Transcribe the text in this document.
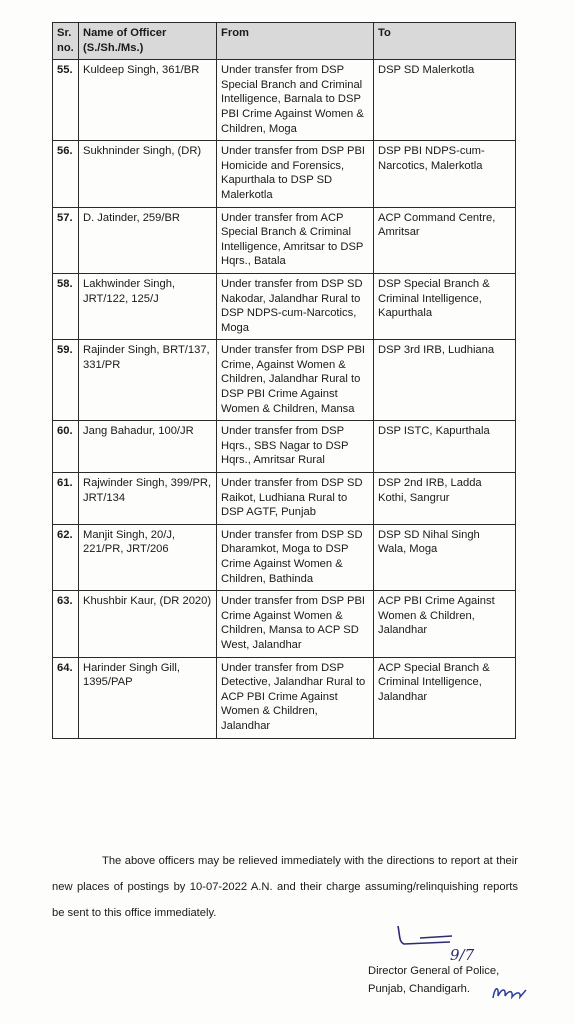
Sr. no.	Name of Officer (S./Sh./Ms.)	From	To
55.	Kuldeep Singh, 361/BR	Under transfer from DSP Special Branch and Criminal Intelligence, Barnala to DSP PBI Crime Against Women & Children, Moga	DSP SD Malerkotla
56.	Sukhninder Singh, (DR)	Under transfer from DSP PBI Homicide and Forensics, Kapurthala to DSP SD Malerkotla	DSP PBI NDPS-cum-Narcotics, Malerkotla
57.	D. Jatinder, 259/BR	Under transfer from ACP Special Branch & Criminal Intelligence, Amritsar to DSP Hqrs., Batala	ACP Command Centre, Amritsar
58.	Lakhwinder Singh, JRT/122, 125/J	Under transfer from DSP SD Nakodar, Jalandhar Rural to DSP NDPS-cum-Narcotics, Moga	DSP Special Branch & Criminal Intelligence, Kapurthala
59.	Rajinder Singh, BRT/137, 331/PR	Under transfer from DSP PBI Crime, Against Women & Children, Jalandhar Rural to DSP PBI Crime Against Women & Children, Mansa	DSP 3rd IRB, Ludhiana
60.	Jang Bahadur, 100/JR	Under transfer from DSP Hqrs., SBS Nagar to DSP Hqrs., Amritsar Rural	DSP ISTC, Kapurthala
61.	Rajwinder Singh, 399/PR, JRT/134	Under transfer from DSP SD Raikot, Ludhiana Rural to DSP AGTF, Punjab	DSP 2nd IRB, Ladda Kothi, Sangrur
62.	Manjit Singh, 20/J, 221/PR, JRT/206	Under transfer from DSP SD Dharamkot, Moga to DSP Crime Against Women & Children, Bathinda	DSP SD Nihal Singh Wala, Moga
63.	Khushbir Kaur, (DR 2020)	Under transfer from DSP PBI Crime Against Women & Children, Mansa to ACP SD West, Jalandhar	ACP PBI Crime Against Women & Children, Jalandhar
64.	Harinder Singh Gill, 1395/PAP	Under transfer from DSP Detective, Jalandhar Rural to ACP PBI Crime Against Women & Children, Jalandhar	ACP Special Branch & Criminal Intelligence, Jalandhar
The above officers may be relieved immediately with the directions to report at their new places of postings by 10-07-2022 A.N. and their charge assuming/relinquishing reports be sent to this office immediately.
9/7
Director General of Police,
Punjab, Chandigarh.
